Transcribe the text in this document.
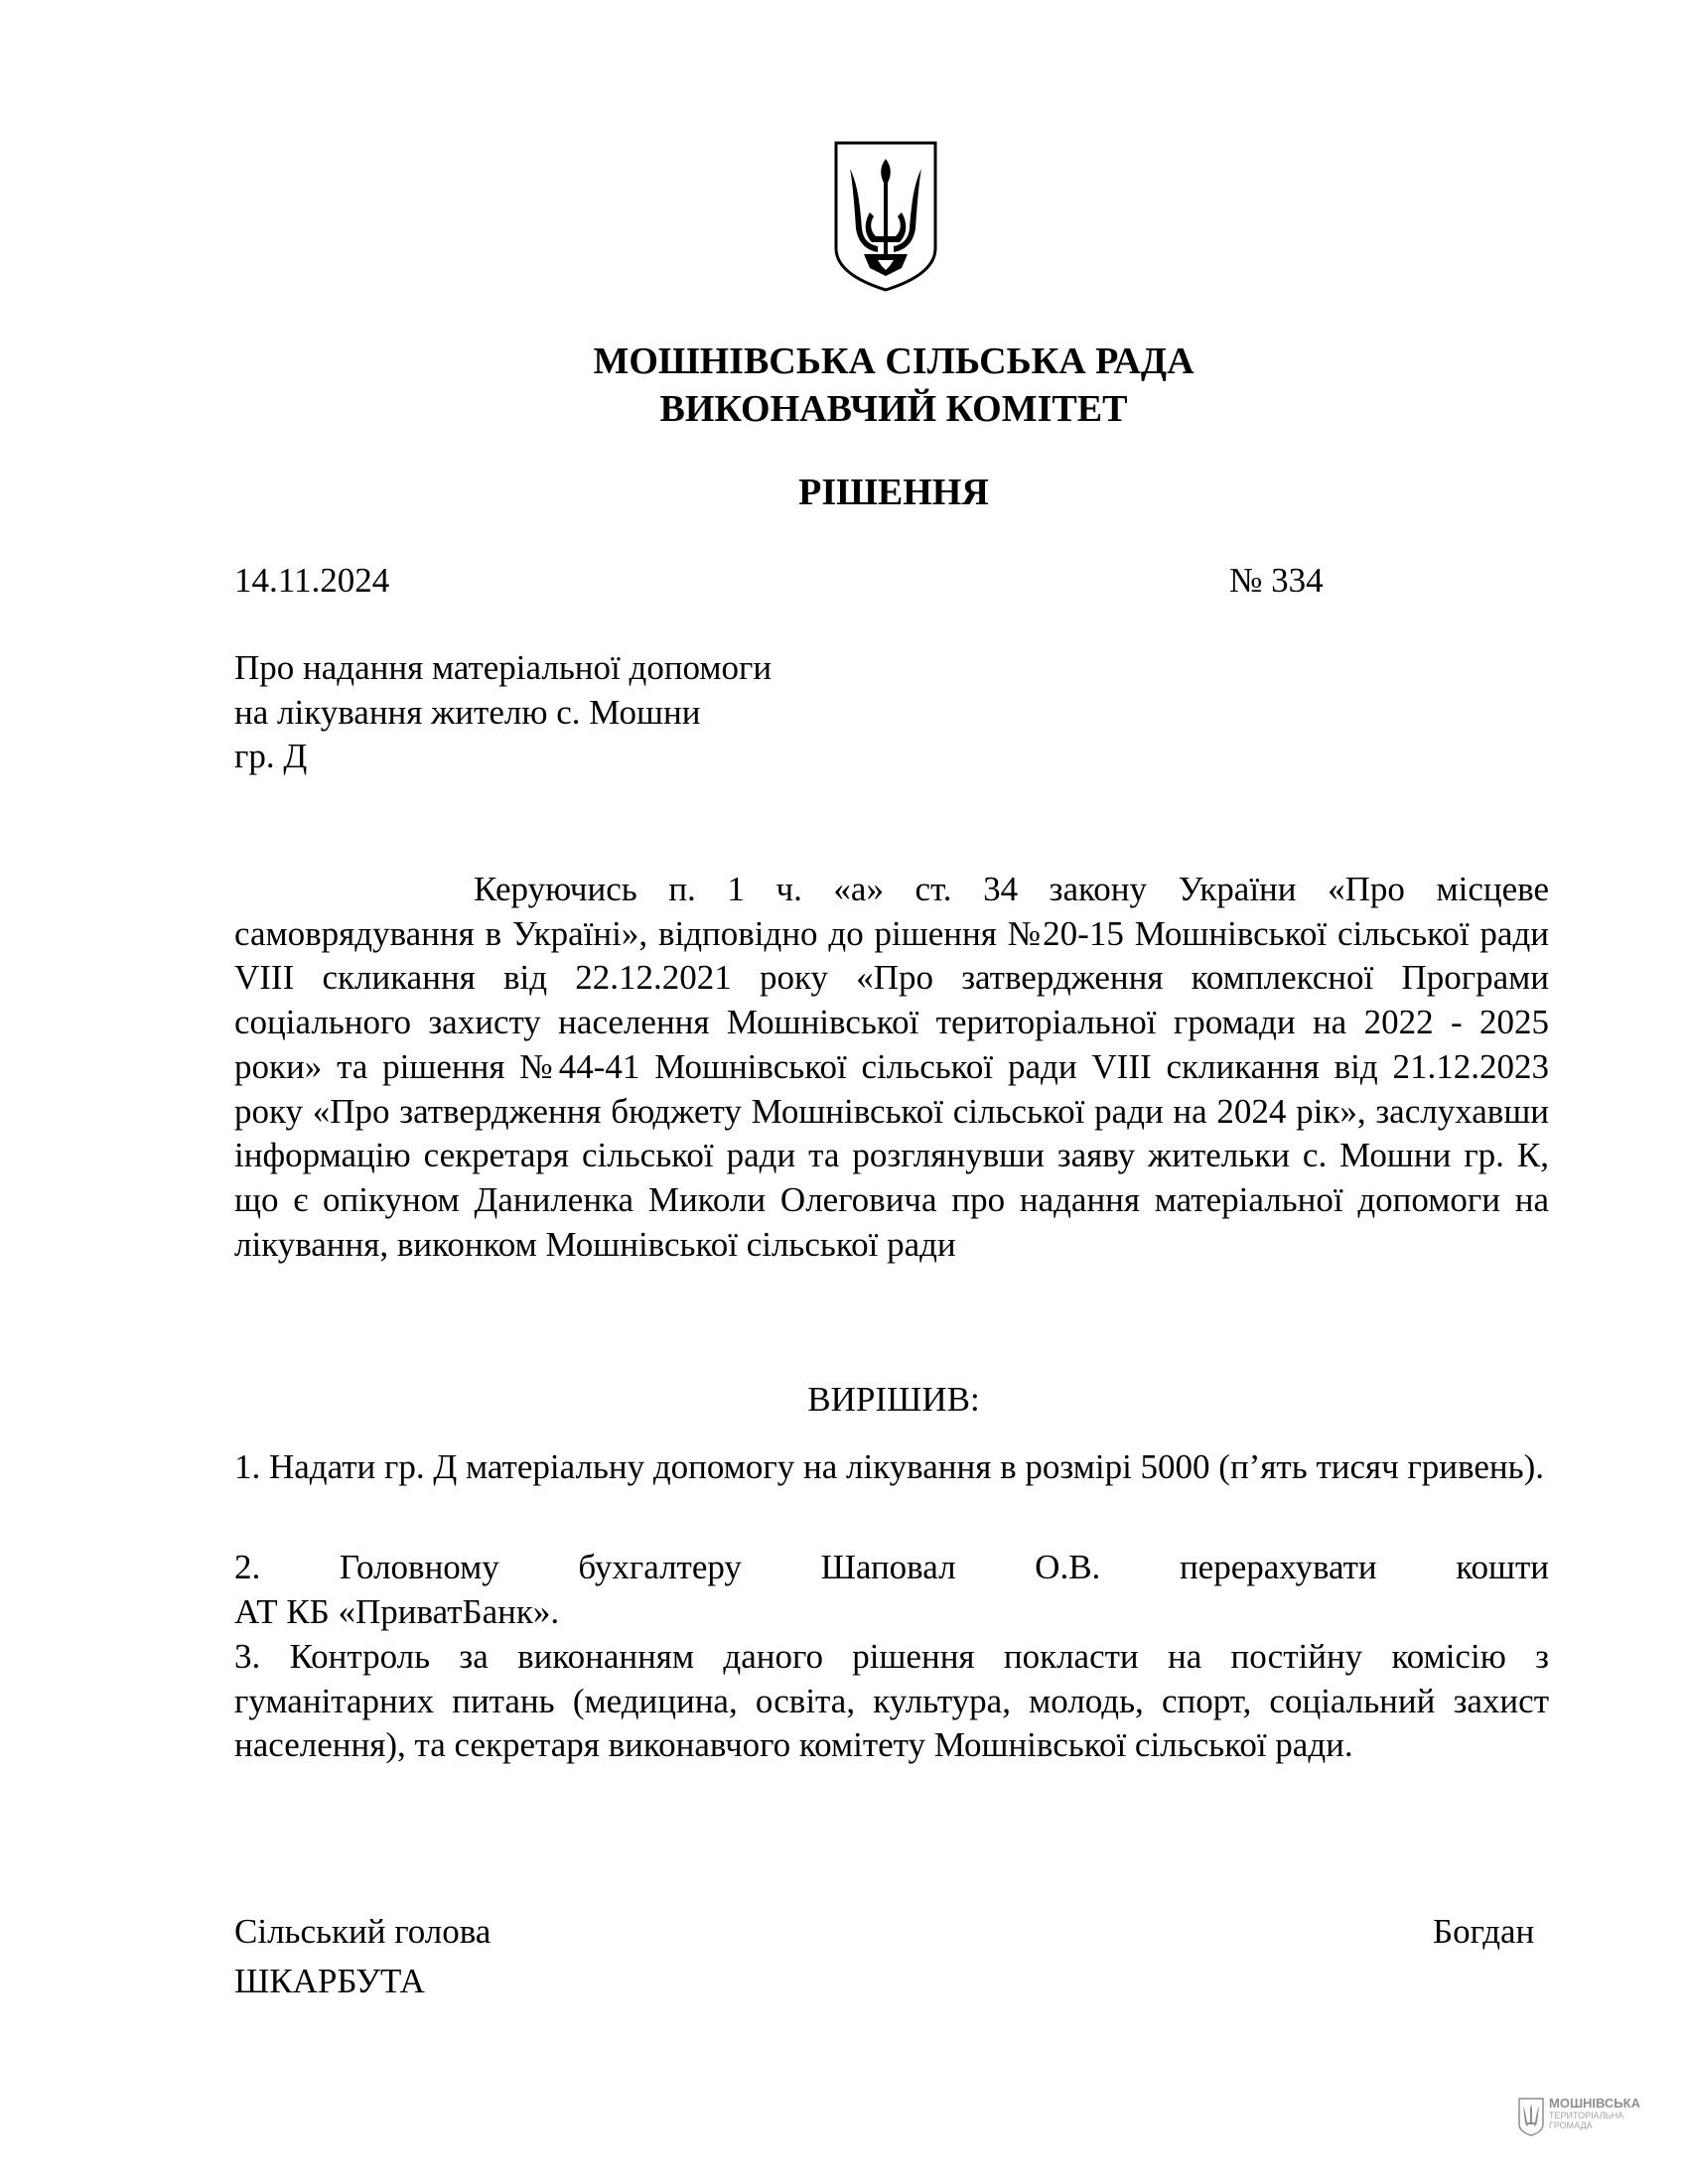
МОШНІВСЬКА СІЛЬСЬКА РАДА
ВИКОНАВЧИЙ КОМІТЕТ
РІШЕННЯ
14.11.2024	№ 334
Про надання матеріальної допомоги
на лікування жителю с. Мошни
гр. Д
Керуючись п. 1 ч. «а» ст. 34 закону України «Про місцеве самоврядування в Україні», відповідно до рішення №20-15 Мошнівської сільської ради VIII скликання від 22.12.2021 року «Про затвердження комплексної Програми соціального захисту населення Мошнівської територіальної громади на 2022 - 2025 роки» та рішення №44-41 Мошнівської сільської ради VIII скликання від 21.12.2023 року «Про затвердження бюджету Мошнівської сільської ради на 2024 рік», заслухавши інформацію секретаря сільської ради та розглянувши заяву жительки с. Мошни гр. К, що є опікуном Даниленка Миколи Олеговича про надання матеріальної допомоги на лікування, виконком Мошнівської сільської ради
ВИРІШИВ:
1. Надати гр. Д матеріальну допомогу на лікування в розмірі 5000 (п’ять тисяч гривень).
2. Головному бухгалтеру Шаповал О.В. перерахувати кошти
АТ КБ «ПриватБанк».
3. Контроль за виконанням даного рішення покласти на постійну комісію з гуманітарних питань (медицина, освіта, культура, молодь, спорт, соціальний захист населення), та секретаря виконавчого комітету Мошнівської сільської ради.
Сільський голова	Богдан
ШКАРБУТА
МОШНІВСЬКА
ТЕРИТОРІАЛЬНА
ГРОМАДА
